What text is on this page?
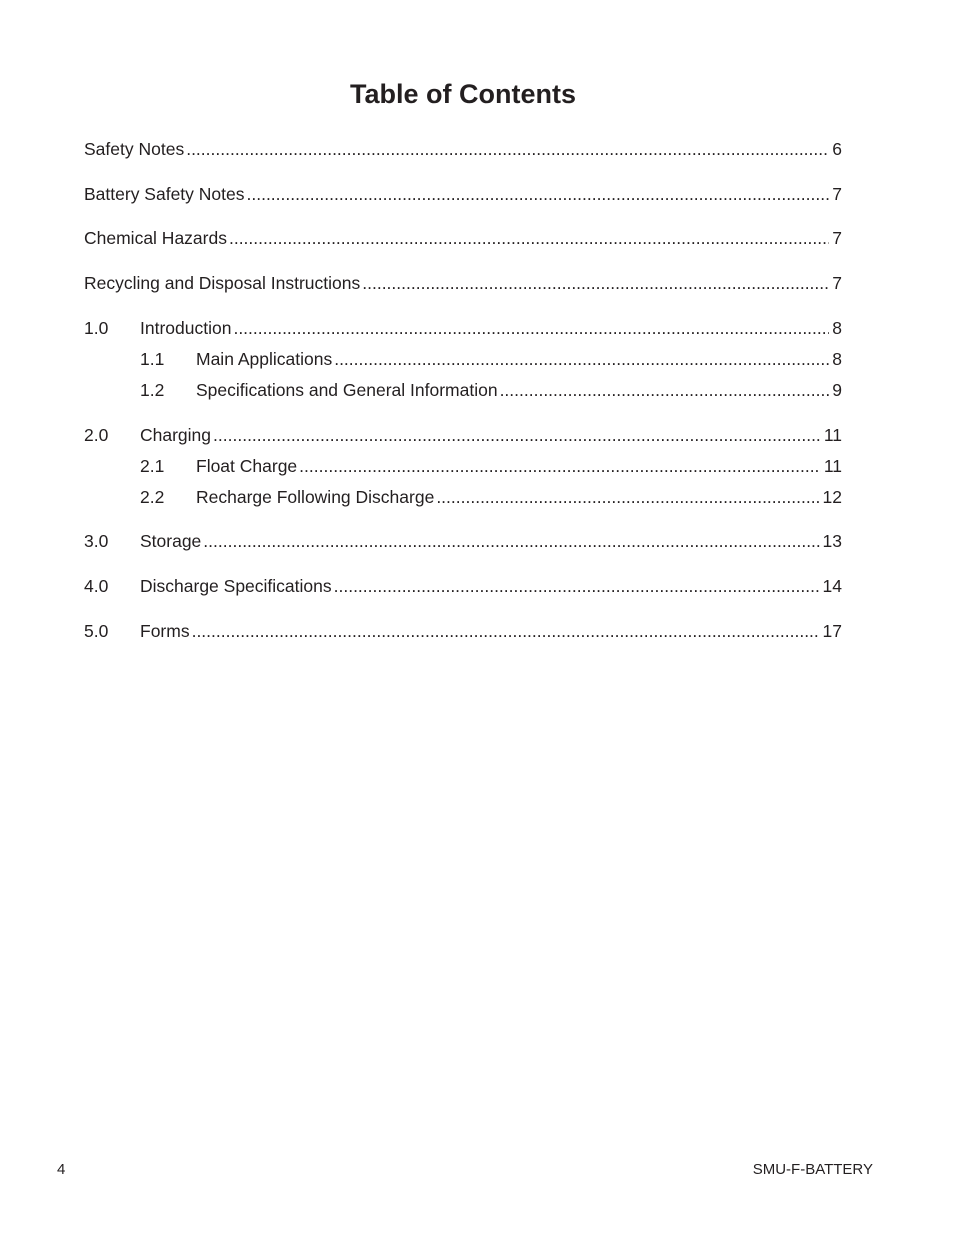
Table of Contents
Safety Notes .....	6
Battery Safety Notes .....	7
Chemical Hazards .....	7
Recycling and Disposal Instructions .....	7
1.0	Introduction .....	8
1.1	Main Applications .....	8
1.2	Specifications and General Information .....	9
2.0	Charging .....	11
2.1	Float Charge .....	11
2.2	Recharge Following Discharge .....	12
3.0	Storage .....	13
4.0	Discharge Specifications .....	14
5.0	Forms .....	17
4	SMU-F-BATTERY
